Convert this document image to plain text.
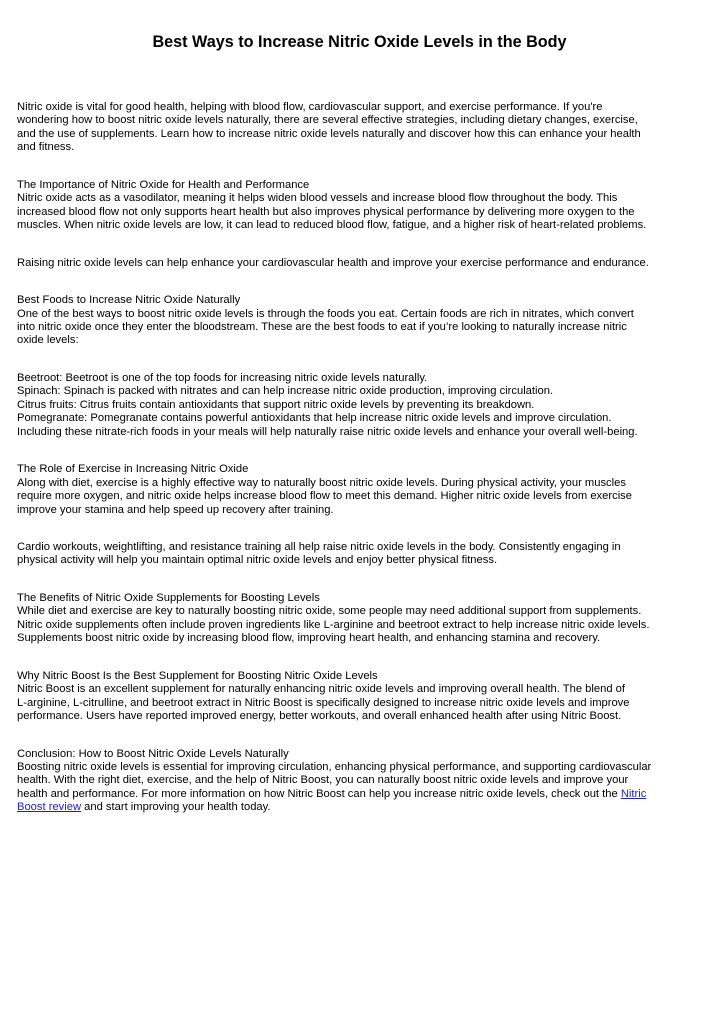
Best Ways to Increase Nitric Oxide Levels in the Body

Nitric oxide is vital for good health, helping with blood flow, cardiovascular support, and exercise performance. If you're
wondering how to boost nitric oxide levels naturally, there are several effective strategies, including dietary changes, exercise,
and the use of supplements. Learn how to increase nitric oxide levels naturally and discover how this can enhance your health
and fitness.

The Importance of Nitric Oxide for Health and Performance
Nitric oxide acts as a vasodilator, meaning it helps widen blood vessels and increase blood flow throughout the body. This
increased blood flow not only supports heart health but also improves physical performance by delivering more oxygen to the
muscles. When nitric oxide levels are low, it can lead to reduced blood flow, fatigue, and a higher risk of heart-related problems.

Raising nitric oxide levels can help enhance your cardiovascular health and improve your exercise performance and endurance.

Best Foods to Increase Nitric Oxide Naturally
One of the best ways to boost nitric oxide levels is through the foods you eat. Certain foods are rich in nitrates, which convert
into nitric oxide once they enter the bloodstream. These are the best foods to eat if you’re looking to naturally increase nitric
oxide levels:

Beetroot: Beetroot is one of the top foods for increasing nitric oxide levels naturally.
Spinach: Spinach is packed with nitrates and can help increase nitric oxide production, improving circulation.
Citrus fruits: Citrus fruits contain antioxidants that support nitric oxide levels by preventing its breakdown.
Pomegranate: Pomegranate contains powerful antioxidants that help increase nitric oxide levels and improve circulation.
Including these nitrate-rich foods in your meals will help naturally raise nitric oxide levels and enhance your overall well-being.

The Role of Exercise in Increasing Nitric Oxide
Along with diet, exercise is a highly effective way to naturally boost nitric oxide levels. During physical activity, your muscles
require more oxygen, and nitric oxide helps increase blood flow to meet this demand. Higher nitric oxide levels from exercise
improve your stamina and help speed up recovery after training.

Cardio workouts, weightlifting, and resistance training all help raise nitric oxide levels in the body. Consistently engaging in
physical activity will help you maintain optimal nitric oxide levels and enjoy better physical fitness.

The Benefits of Nitric Oxide Supplements for Boosting Levels
While diet and exercise are key to naturally boosting nitric oxide, some people may need additional support from supplements.
Nitric oxide supplements often include proven ingredients like L-arginine and beetroot extract to help increase nitric oxide levels.
Supplements boost nitric oxide by increasing blood flow, improving heart health, and enhancing stamina and recovery.

Why Nitric Boost Is the Best Supplement for Boosting Nitric Oxide Levels
Nitric Boost is an excellent supplement for naturally enhancing nitric oxide levels and improving overall health. The blend of
L-arginine, L-citrulline, and beetroot extract in Nitric Boost is specifically designed to increase nitric oxide levels and improve
performance. Users have reported improved energy, better workouts, and overall enhanced health after using Nitric Boost.

Conclusion: How to Boost Nitric Oxide Levels Naturally
Boosting nitric oxide levels is essential for improving circulation, enhancing physical performance, and supporting cardiovascular
health. With the right diet, exercise, and the help of Nitric Boost, you can naturally boost nitric oxide levels and improve your
health and performance. For more information on how Nitric Boost can help you increase nitric oxide levels, check out the Nitric
Boost review and start improving your health today.
